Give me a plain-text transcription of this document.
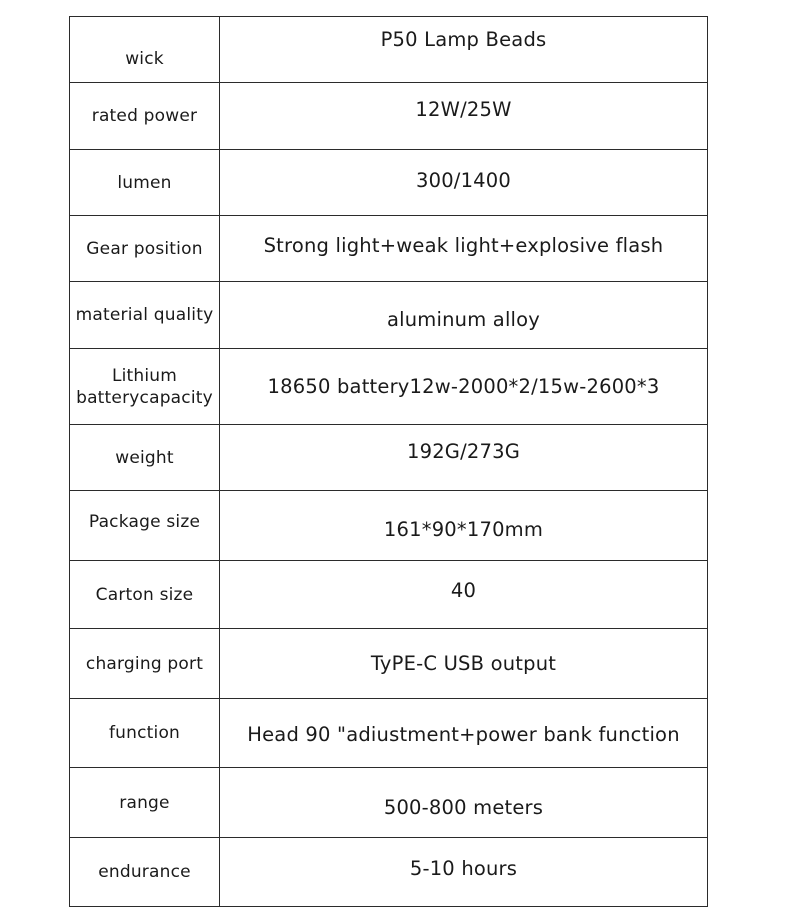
wick	P50 Lamp Beads
rated power	12W/25W
lumen	300/1400
Gear position	Strong light+weak light+explosive flash
material quality	aluminum alloy
Lithium batterycapacity	18650 battery12w-2000*2/15w-2600*3
weight	192G/273G
Package size	161*90*170mm
Carton size	40
charging port	TyPE-C USB output
function	Head 90 "adiustment+power bank function
range	500-800 meters
endurance	5-10 hours
